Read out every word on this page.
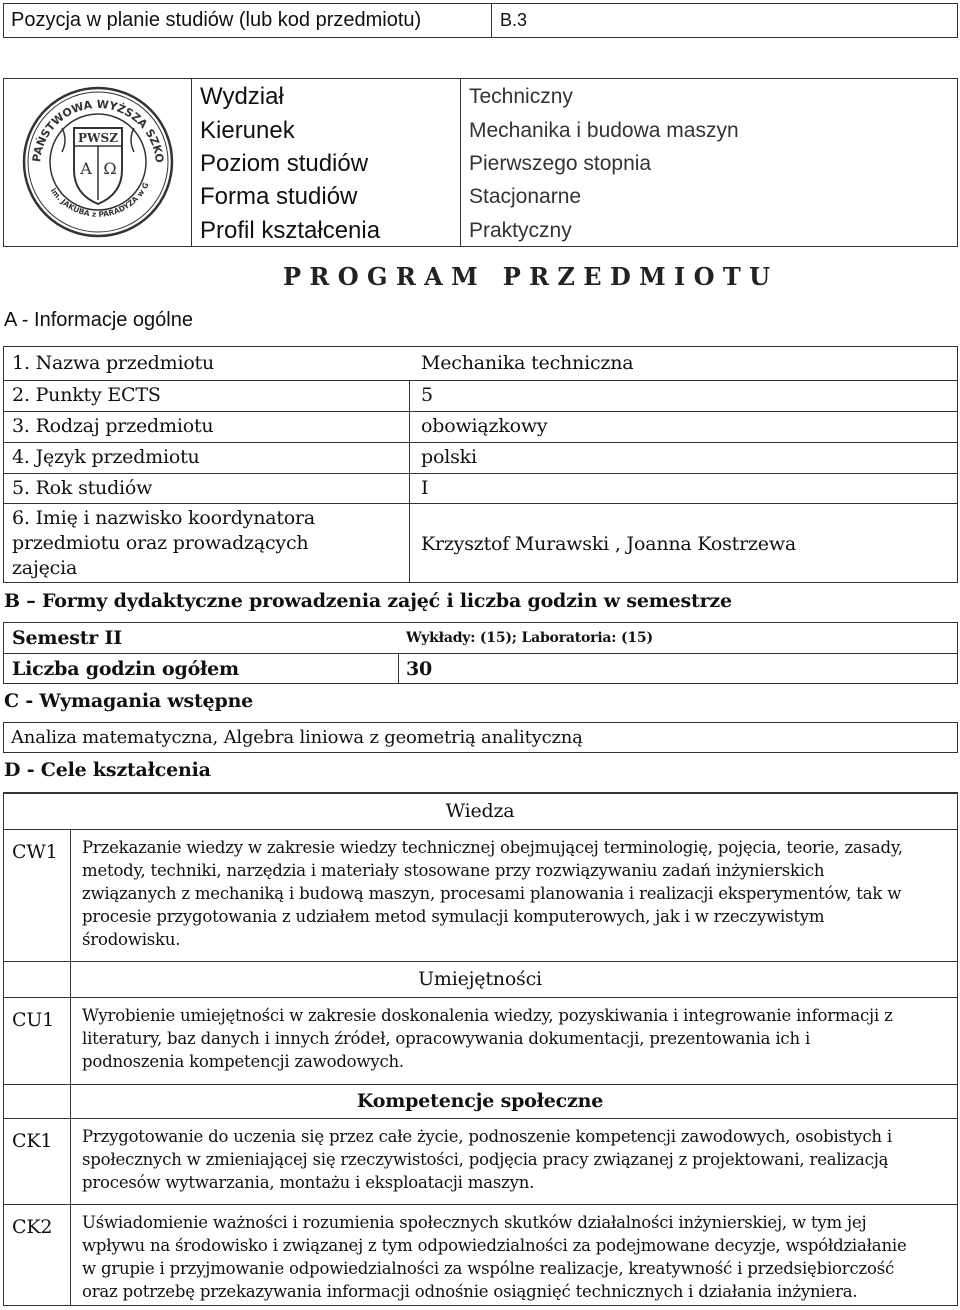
Pozycja w planie studiów (lub kod przedmiotu)	B.3
PAŃSTWOWA WYŻSZA SZKO
im. JAKUBA z PARADYŻA w G
PWSZ
A Ω
P R O G R A M   P R Z E D M I O T U
A - Informacje ogólne
B – Formy dydaktyczne prowadzenia zajęć i liczba godzin w semestrze
Semestr II	Wykłady: (15); Laboratoria: (15)
Liczba godzin ogółem	30
C - Wymagania wstępne
Analiza matematyczna, Algebra liniowa z geometrią analityczną
D - Cele kształcenia
Wydział	Techniczny
Kierunek	Mechanika i budowa maszyn
Poziom studiów	Pierwszego stopnia
Forma studiów	Stacjonarne
Profil kształcenia	Praktyczny
1. Nazwa przedmiotu	Mechanika techniczna
2. Punkty ECTS	5
3. Rodzaj przedmiotu	obowiązkowy
4. Język przedmiotu	polski
5. Rok studiów	I
6. Imię i nazwisko koordynatora
przedmiotu oraz prowadzących
zajęcia
Krzysztof Murawski , Joanna Kostrzewa
Wiedza
CW1	Przekazanie wiedzy w zakresie wiedzy technicznej obejmującej terminologię, pojęcia, teorie, zasady,
metody, techniki, narzędzia i materiały stosowane przy rozwiązywaniu zadań inżynierskich
związanych z mechaniką i budową maszyn, procesami planowania i realizacji eksperymentów, tak w
procesie przygotowania z udziałem metod symulacji komputerowych, jak i w rzeczywistym
środowisku.
Umiejętności
CU1	Wyrobienie umiejętności w zakresie doskonalenia wiedzy, pozyskiwania i integrowanie informacji z
literatury, baz danych i innych źródeł, opracowywania dokumentacji, prezentowania ich i
podnoszenia kompetencji zawodowych.
Kompetencje społeczne
CK1	Przygotowanie do uczenia się przez całe życie, podnoszenie kompetencji zawodowych, osobistych i
społecznych w zmieniającej się rzeczywistości, podjęcia pracy związanej z projektowani, realizacją
procesów wytwarzania, montażu i eksploatacji maszyn.
CK2	Uświadomienie ważności i rozumienia społecznych skutków działalności inżynierskiej, w tym jej
wpływu na środowisko i związanej z tym odpowiedzialności za podejmowane decyzje, współdziałanie
w grupie i przyjmowanie odpowiedzialności za wspólne realizacje, kreatywność i przedsiębiorczość
oraz potrzebę przekazywania informacji odnośnie osiągnięć technicznych i działania inżyniera.
